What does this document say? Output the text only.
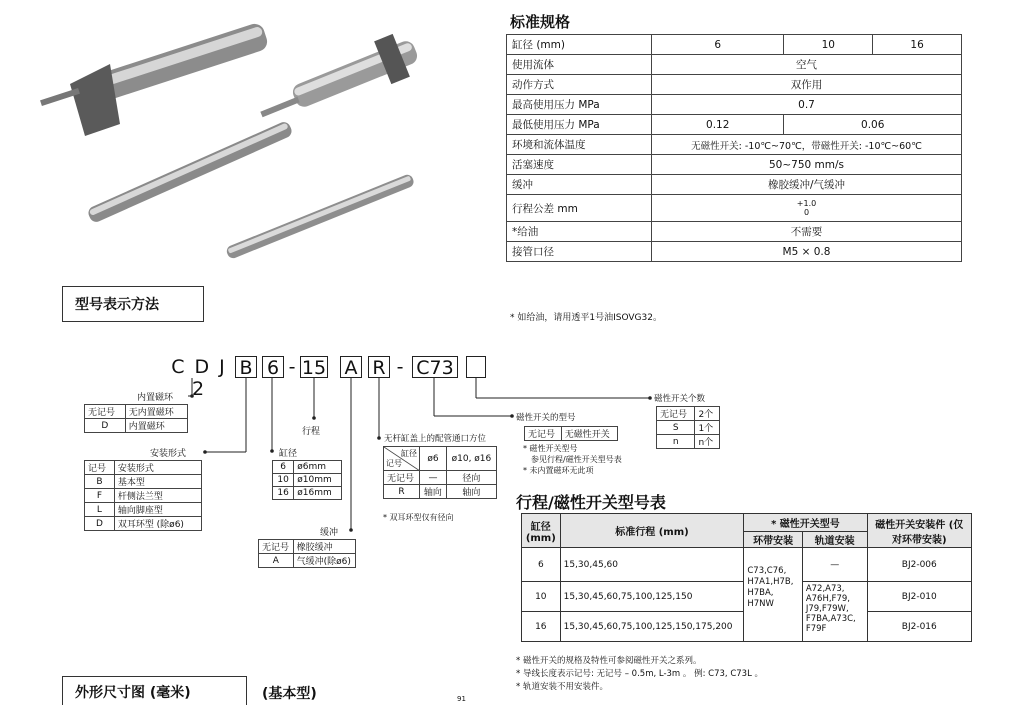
标准规格
缸径 (mm)	6	10	16
使用流体	空气		
动作方式	双作用		
最高使用压力 MPa	0.7		
最低使用压力 MPa	0.12	0.06	
环境和流体温度	无磁性开关: -10℃~70℃，带磁性开关: -10℃~60℃		
活塞速度	50~750 mm/s		
缓冲	橡胶缓冲/气缓冲		
行程公差 mm	+1.0
0		

*给油	不需要		
接管口径	M5 × 0.8		
* 如给油，请用透平1号油ISOVG32。
型号表示方法
C D J 2
B 6 - 15 A R - C73
内置磁环
无记号	无内置磁环
D	内置磁环
安装形式
记号	安装形式
B	基本型
F	杆侧法兰型
L	轴向脚座型
D	双耳环型 (除ø6)
缸径
6	ø6mm
10	ø10mm
16	ø16mm
行程
缓冲
无记号	橡胶缓冲
A	气缓冲(除ø6)
无杆缸盖上的配管通口方位
缸径
记号	ø6	ø10, ø16
无记号	—	径向
R	轴向	轴向
* 双耳环型仅有径向
磁性开关的型号
无记号	无磁性开关
* 磁性开关型号
参见行程/磁性开关型号表
* 未内置磁环无此项
磁性开关个数
无记号	2个
S	1个
n	n个
行程/磁性开关型号表
缸径 (mm)	标准行程 (mm)	* 磁性开关型号		磁性开关安装件 (仅对环带安装)
		环带安装	轨道安装	
6	15,30,45,60	C73,C76, H7A1,H7B, H7BA, H7NW	—	BJ2-006
10	15,30,45,60,75,100,125,150		A72,A73, A76H,F79, J79,F79W, F7BA,A73C, F79F	BJ2-010
16	15,30,45,60,75,100,125,150,175,200			BJ2-016
* 磁性开关的规格及特性可参阅磁性开关之系列。
* 导线长度表示记号: 无记号 – 0.5m, L-3m 。 例: C73, C73L 。
* 轨道安装不用安装件。
外形尺寸图 (毫米)	(基本型)	91
